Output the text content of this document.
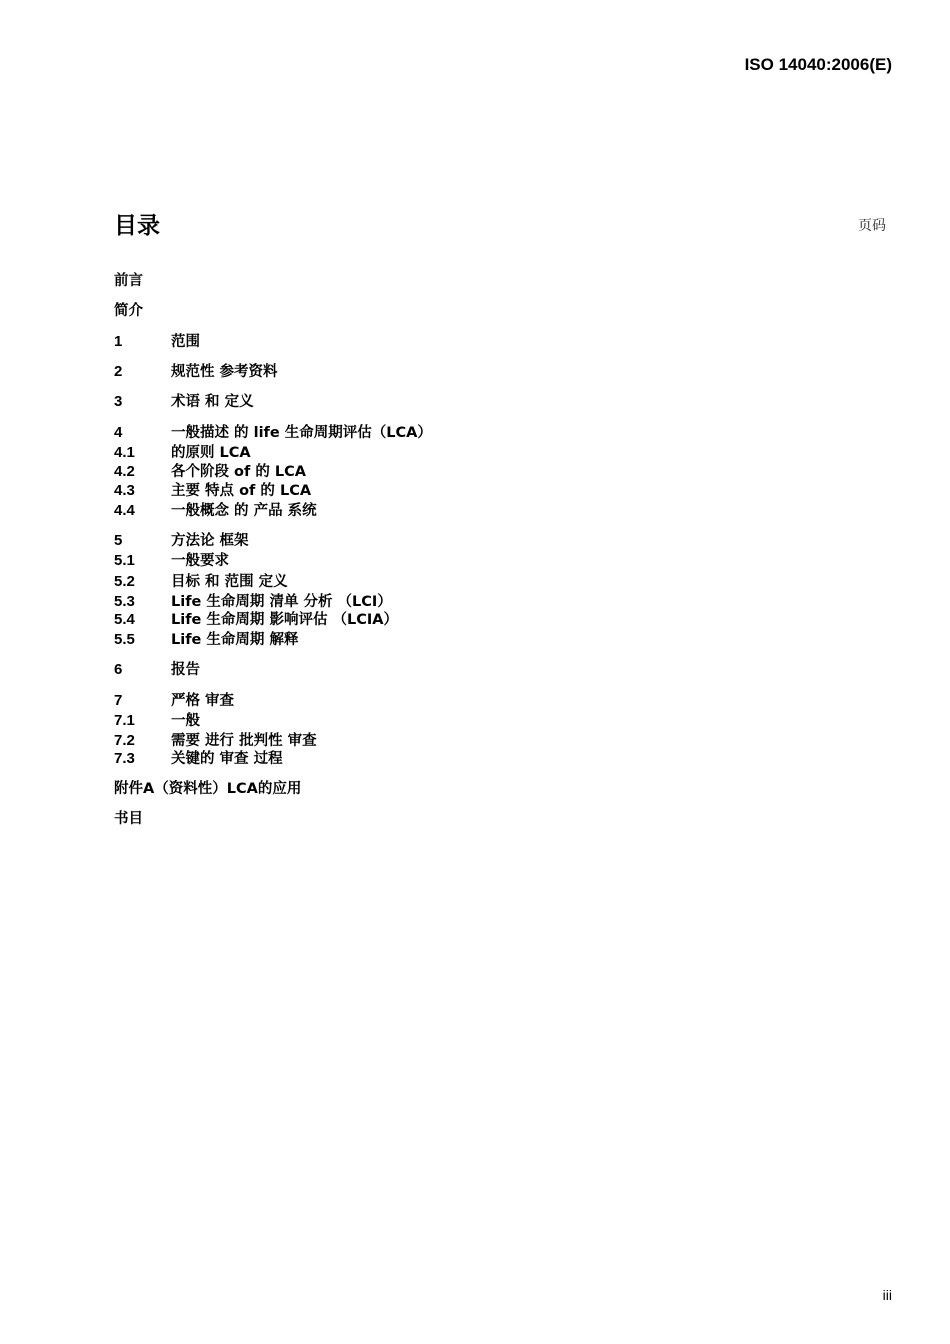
ISO 14040:2006(E)
目录	页码
前言
简介
1	范围
2	规范性 参考资料
3	术语 和 定义
4	一般描述 的 life 生命周期评估（LCA）
4.1 的原则 LCA
4.2 各个阶段 of 的 LCA
4.3 主要 特点 of 的 LCA
4.4 一般概念 的 产品 系统
5	方法论 框架
5.1 一般要求
5.2 目标 和 范围 定义
5.3 Life 生命周期 清单 分析 （LCI）
5.4 Life 生命周期 影响评估 （LCIA）
5.5 Life 生命周期 解释
6	报告
7	严格 审查
7.1 一般
7.2 需要 进行 批判性 审查
7.3 关键的 审查 过程
附件A（资料性）LCA的应用
书目
iii
